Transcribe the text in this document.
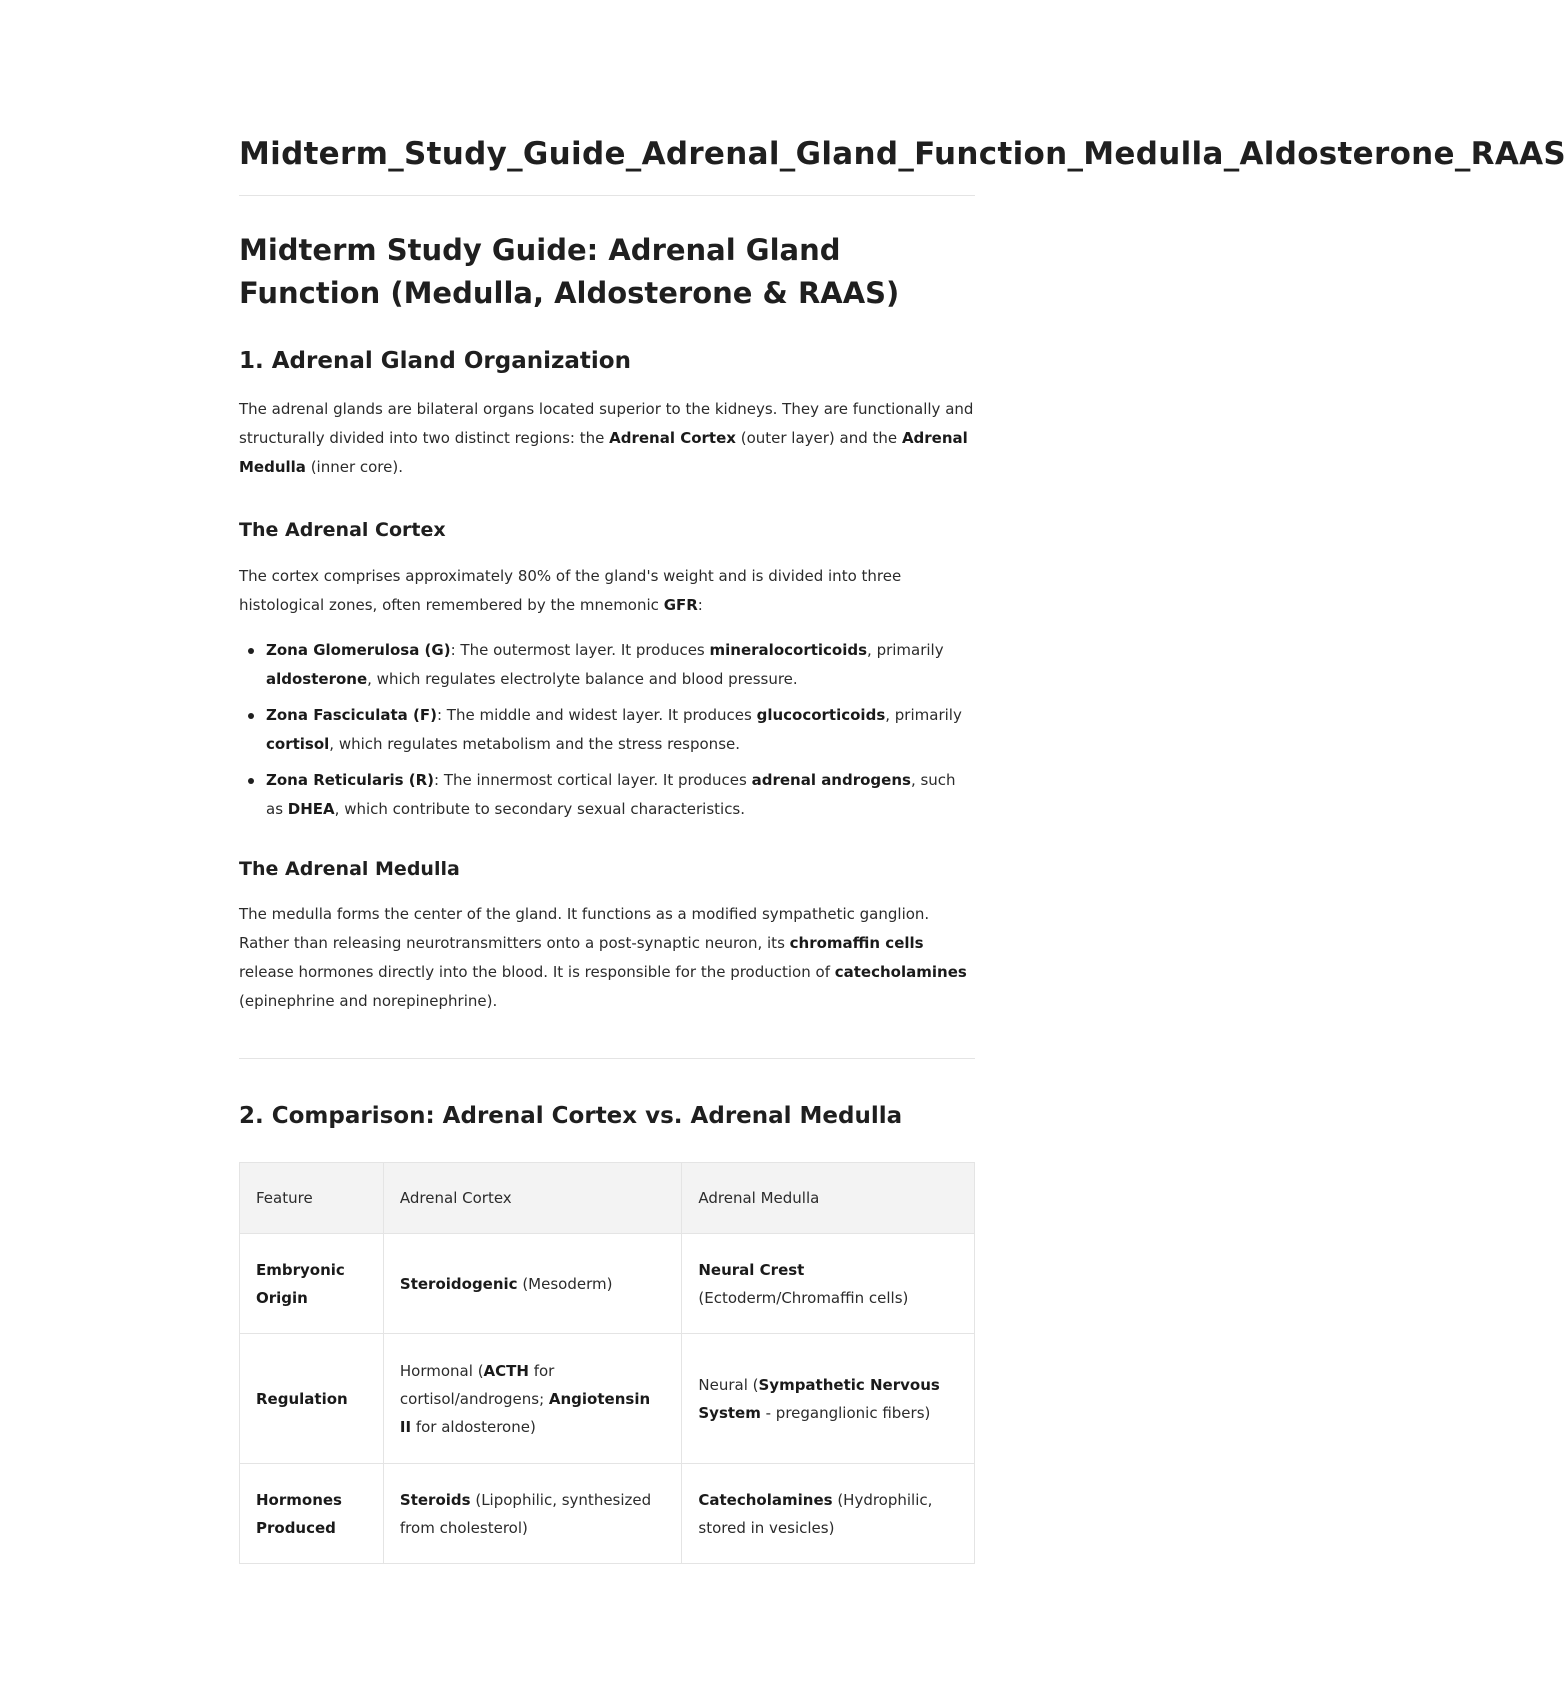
Midterm_Study_Guide_Adrenal_Gland_Function_Medulla_Aldosterone_RAAS
Midterm Study Guide: Adrenal Gland Function (Medulla, Aldosterone & RAAS)
1. Adrenal Gland Organization

The adrenal glands are bilateral organs located superior to the kidneys. They are functionally and structurally divided into two distinct regions: the Adrenal Cortex (outer layer) and the Adrenal Medulla (inner core).

The Adrenal Cortex

The cortex comprises approximately 80% of the gland's weight and is divided into three histological zones, often remembered by the mnemonic GFR:

Zona Glomerulosa (G): The outermost layer. It produces mineralocorticoids, primarily aldosterone, which regulates electrolyte balance and blood pressure.
Zona Fasciculata (F): The middle and widest layer. It produces glucocorticoids, primarily cortisol, which regulates metabolism and the stress response.
Zona Reticularis (R): The innermost cortical layer. It produces adrenal androgens, such as DHEA, which contribute to secondary sexual characteristics.
The Adrenal Medulla

The medulla forms the center of the gland. It functions as a modified sympathetic ganglion. Rather than releasing neurotransmitters onto a post-synaptic neuron, its chromaffin cells release hormones directly into the blood. It is responsible for the production of catecholamines (epinephrine and norepinephrine).

2. Comparison: Adrenal Cortex vs. Adrenal Medulla
Feature	Adrenal Cortex	Adrenal Medulla
Embryonic Origin	Steroidogenic (Mesoderm)	Neural Crest (Ectoderm/Chromaffin cells)
Regulation	Hormonal (ACTH for cortisol/androgens; Angiotensin II for aldosterone)	Neural (Sympathetic Nervous System - preganglionic fibers)
Hormones Produced	Steroids (Lipophilic, synthesized from cholesterol)	Catecholamines (Hydrophilic, stored in vesicles)
